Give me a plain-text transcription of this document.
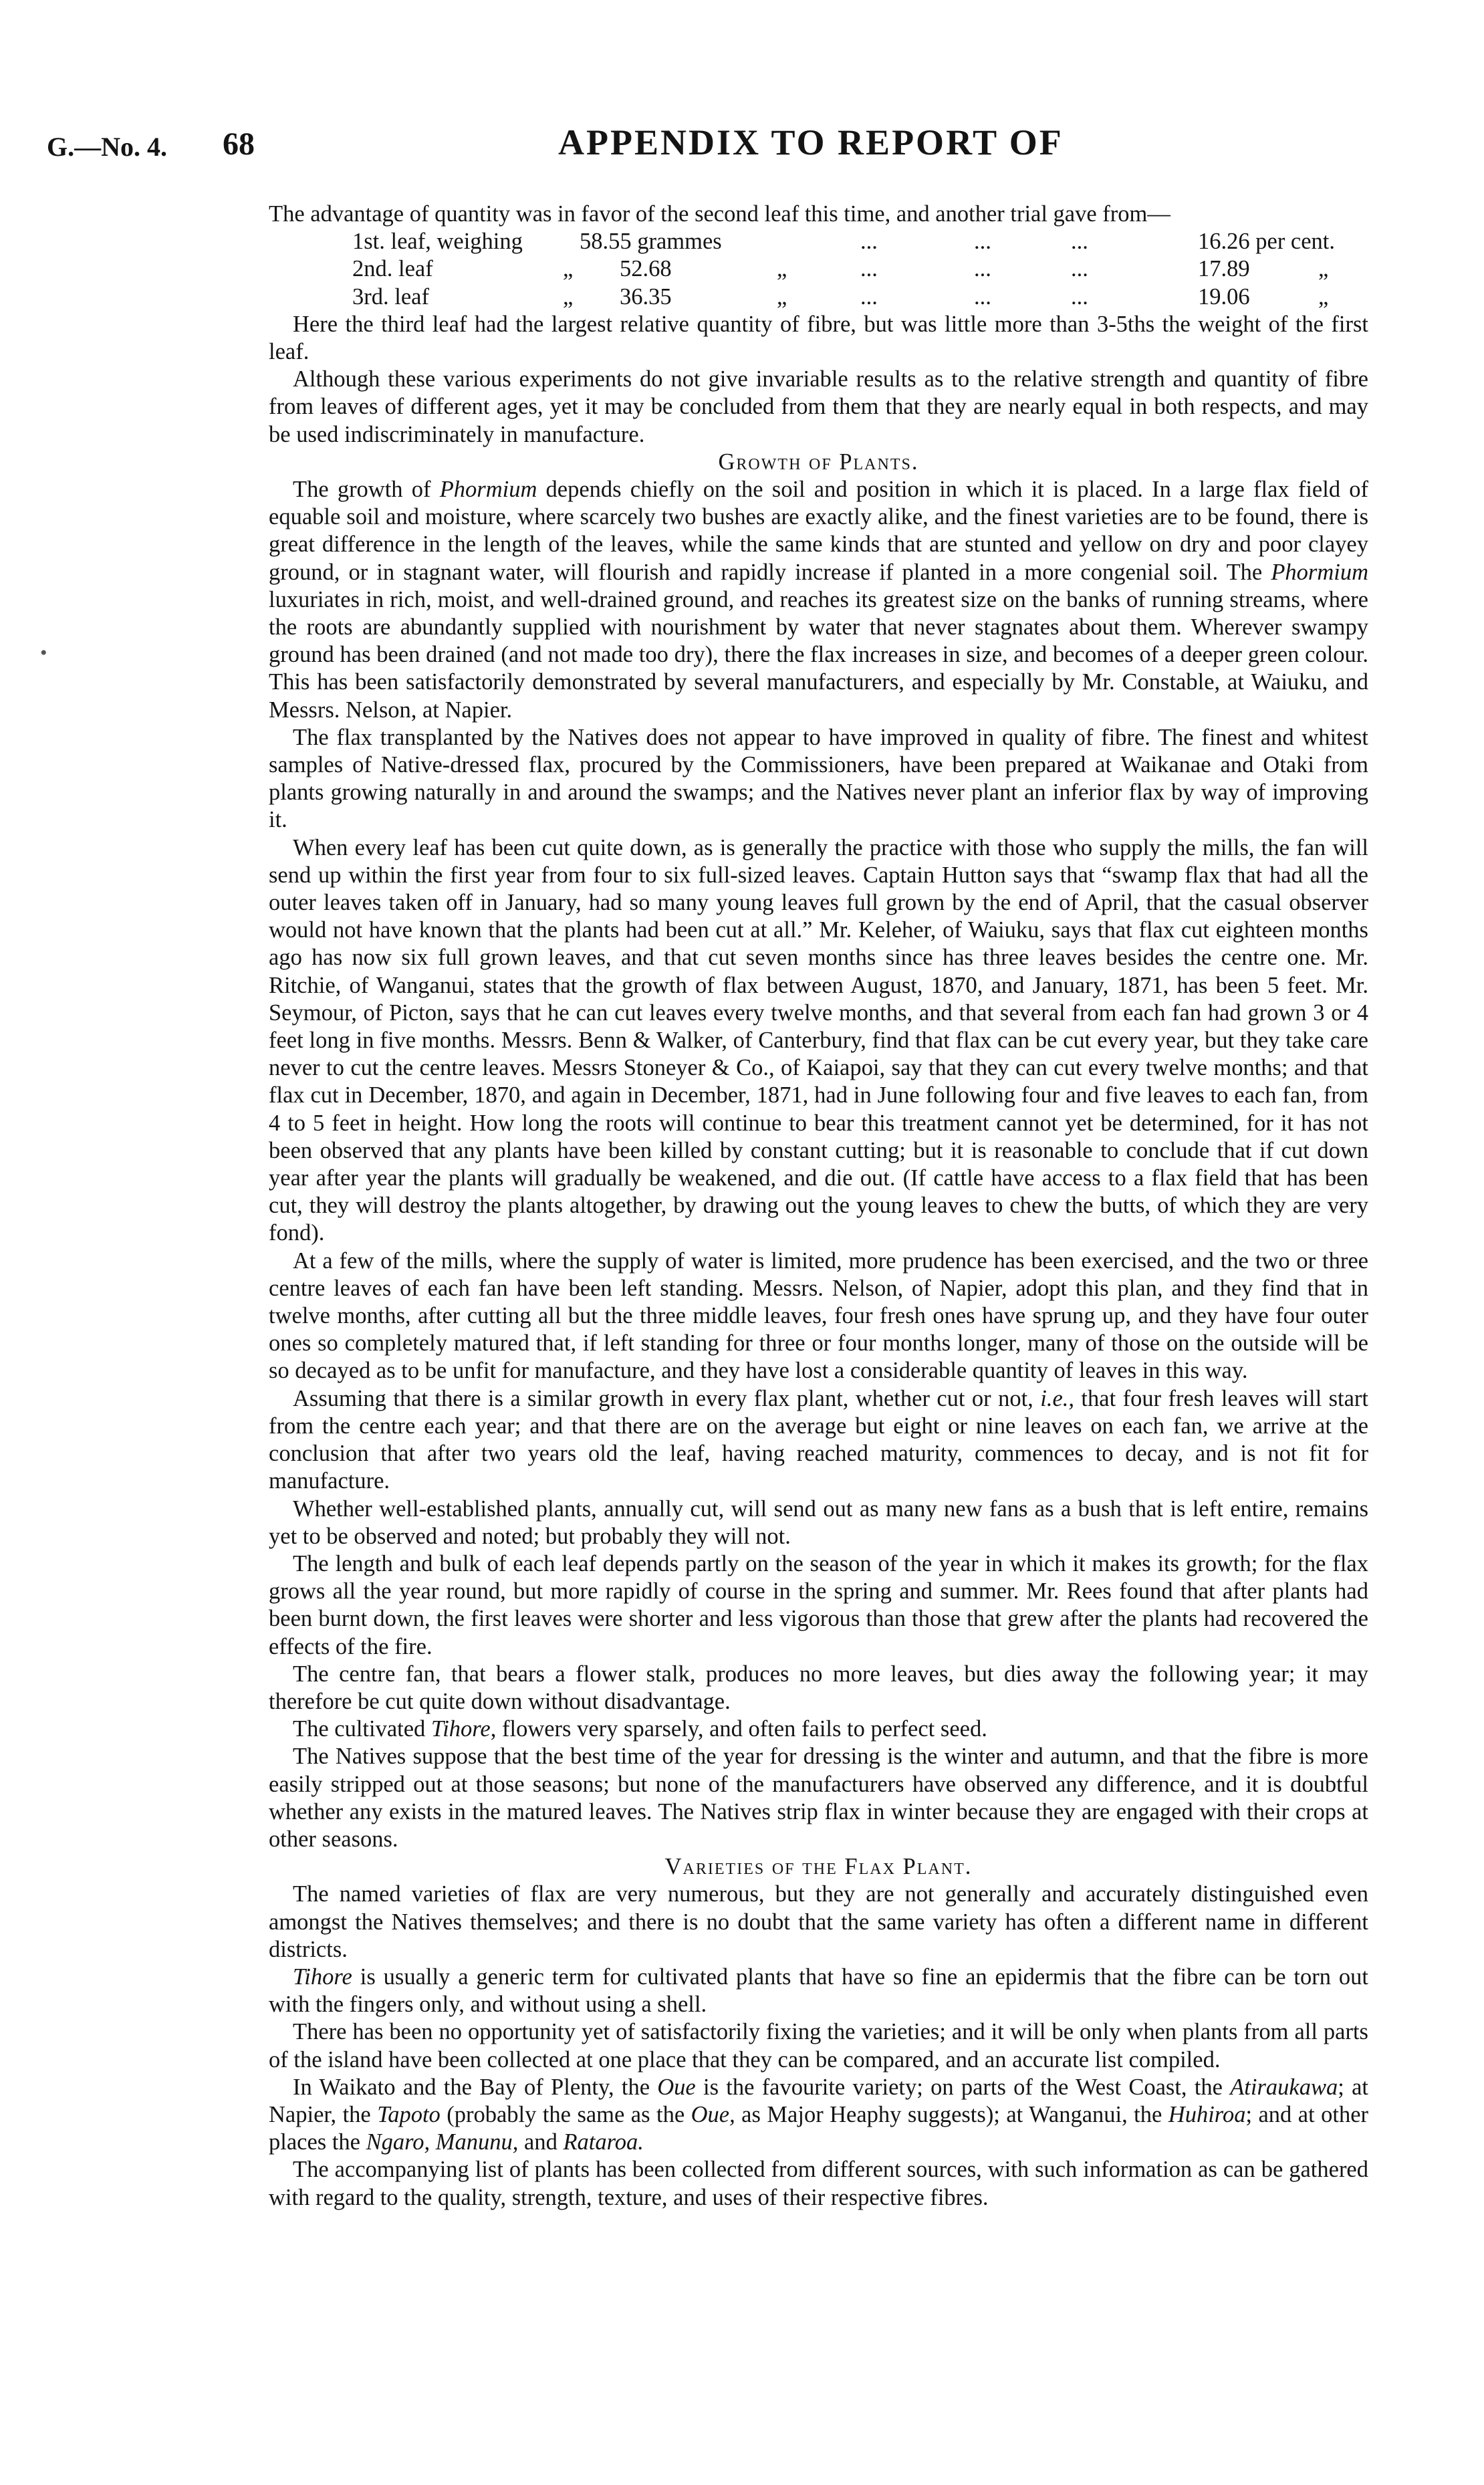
G.—No. 4. 68	APPENDIX TO REPORT OF

The advantage of quantity was in favor of the second leaf this time, and another trial gave from—

1st. leaf, weighing 58.55 grammes	...	...	...	16.26 per cent.
2nd. leaf	„ 52.68	„	...	...	...	17.89	„
3rd. leaf	„ 36.35	„	...	...	...	19.06	„

Here the third leaf had the largest relative quantity of fibre, but was little more than 3-5ths the weight of the first leaf.

Although these various experiments do not give invariable results as to the relative strength and quantity of fibre from leaves of different ages, yet it may be concluded from them that they are nearly equal in both respects, and may be used indiscriminately in manufacture.

Growth of Plants.

The growth of Phormium depends chiefly on the soil and position in which it is placed. In a large flax field of equable soil and moisture, where scarcely two bushes are exactly alike, and the finest varieties are to be found, there is great difference in the length of the leaves, while the same kinds that are stunted and yellow on dry and poor clayey ground, or in stagnant water, will flourish and rapidly increase if planted in a more congenial soil. The Phormium luxuriates in rich, moist, and well-drained ground, and reaches its greatest size on the banks of running streams, where the roots are abundantly supplied with nourishment by water that never stagnates about them. Wherever swampy ground has been drained (and not made too dry), there the flax increases in size, and becomes of a deeper green colour. This has been satisfactorily demonstrated by several manufacturers, and especially by Mr. Constable, at Waiuku, and Messrs. Nelson, at Napier.

The flax transplanted by the Natives does not appear to have improved in quality of fibre. The finest and whitest samples of Native-dressed flax, procured by the Commissioners, have been prepared at Waikanae and Otaki from plants growing naturally in and around the swamps; and the Natives never plant an inferior flax by way of improving it.

When every leaf has been cut quite down, as is generally the practice with those who supply the mills, the fan will send up within the first year from four to six full-sized leaves. Captain Hutton says that “swamp flax that had all the outer leaves taken off in January, had so many young leaves full grown by the end of April, that the casual observer would not have known that the plants had been cut at all.” Mr. Keleher, of Waiuku, says that flax cut eighteen months ago has now six full grown leaves, and that cut seven months since has three leaves besides the centre one. Mr. Ritchie, of Wanganui, states that the growth of flax between August, 1870, and January, 1871, has been 5 feet. Mr. Seymour, of Picton, says that he can cut leaves every twelve months, and that several from each fan had grown 3 or 4 feet long in five months. Messrs. Benn & Walker, of Canterbury, find that flax can be cut every year, but they take care never to cut the centre leaves. Messrs Stoneyer & Co., of Kaiapoi, say that they can cut every twelve months; and that flax cut in December, 1870, and again in December, 1871, had in June following four and five leaves to each fan, from 4 to 5 feet in height. How long the roots will continue to bear this treatment cannot yet be determined, for it has not been observed that any plants have been killed by constant cutting; but it is reasonable to conclude that if cut down year after year the plants will gradually be weakened, and die out. (If cattle have access to a flax field that has been cut, they will destroy the plants altogether, by drawing out the young leaves to chew the butts, of which they are very fond).

At a few of the mills, where the supply of water is limited, more prudence has been exercised, and the two or three centre leaves of each fan have been left standing. Messrs. Nelson, of Napier, adopt this plan, and they find that in twelve months, after cutting all but the three middle leaves, four fresh ones have sprung up, and they have four outer ones so completely matured that, if left standing for three or four months longer, many of those on the outside will be so decayed as to be unfit for manufacture, and they have lost a considerable quantity of leaves in this way.

Assuming that there is a similar growth in every flax plant, whether cut or not, i.e., that four fresh leaves will start from the centre each year; and that there are on the average but eight or nine leaves on each fan, we arrive at the conclusion that after two years old the leaf, having reached maturity, commences to decay, and is not fit for manufacture.

Whether well-established plants, annually cut, will send out as many new fans as a bush that is left entire, remains yet to be observed and noted; but probably they will not.

The length and bulk of each leaf depends partly on the season of the year in which it makes its growth; for the flax grows all the year round, but more rapidly of course in the spring and summer. Mr. Rees found that after plants had been burnt down, the first leaves were shorter and less vigorous than those that grew after the plants had recovered the effects of the fire.

The centre fan, that bears a flower stalk, produces no more leaves, but dies away the following year; it may therefore be cut quite down without disadvantage.

The cultivated Tihore, flowers very sparsely, and often fails to perfect seed.

The Natives suppose that the best time of the year for dressing is the winter and autumn, and that the fibre is more easily stripped out at those seasons; but none of the manufacturers have observed any difference, and it is doubtful whether any exists in the matured leaves. The Natives strip flax in winter because they are engaged with their crops at other seasons.

Varieties of the Flax Plant.

The named varieties of flax are very numerous, but they are not generally and accurately distinguished even amongst the Natives themselves; and there is no doubt that the same variety has often a different name in different districts.

Tihore is usually a generic term for cultivated plants that have so fine an epidermis that the fibre can be torn out with the fingers only, and without using a shell.

There has been no opportunity yet of satisfactorily fixing the varieties; and it will be only when plants from all parts of the island have been collected at one place that they can be compared, and an accurate list compiled.

In Waikato and the Bay of Plenty, the Oue is the favourite variety; on parts of the West Coast, the Atiraukawa; at Napier, the Tapoto (probably the same as the Oue, as Major Heaphy suggests); at Wanganui, the Huhiroa; and at other places the Ngaro, Manunu, and Rataroa.

The accompanying list of plants has been collected from different sources, with such information as can be gathered with regard to the quality, strength, texture, and uses of their respective fibres.

•
